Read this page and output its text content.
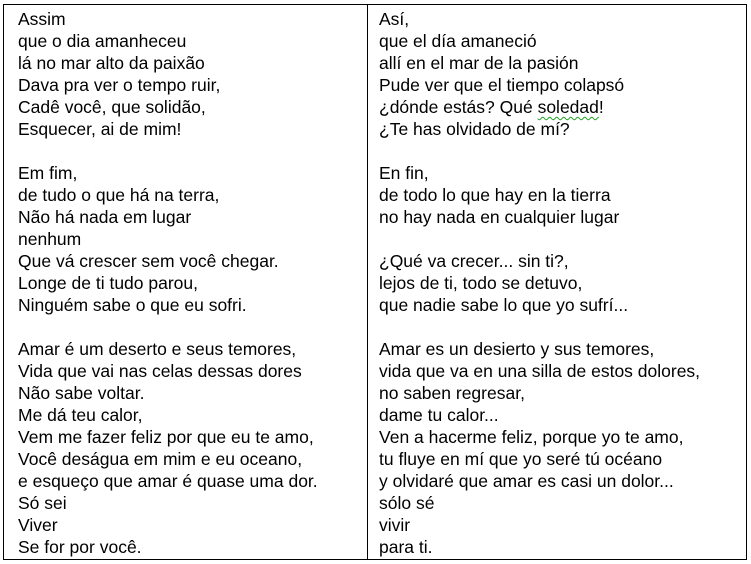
Assim
que o dia amanheceu
lá no mar alto da paixão
Dava pra ver o tempo ruir,
Cadê você, que solidão,
Esquecer, ai de mim!
Em fim,
de tudo o que há na terra,
Não há nada em lugar
nenhum
Que vá crescer sem você chegar.
Longe de ti tudo parou,
Ninguém sabe o que eu sofri.
Amar é um deserto e seus temores,
Vida que vai nas celas dessas dores
Não sabe voltar.
Me dá teu calor,
Vem me fazer feliz por que eu te amo,
Você deságua em mim e eu oceano,
e esqueço que amar é quase uma dor.
Só sei
Viver
Se for por você.
Así,
que el día amaneció
allí en el mar de la pasión
Pude ver que el tiempo colapsó
¿dónde estás? Qué soledad!
¿Te has olvidado de mí?
En fin,
de todo lo que hay en la tierra
no hay nada en cualquier lugar
¿Qué va crecer... sin ti?,
lejos de ti, todo se detuvo,
que nadie sabe lo que yo sufrí...
Amar es un desierto y sus temores,
vida que va en una silla de estos dolores,
no saben regresar,
dame tu calor...
Ven a hacerme feliz, porque yo te amo,
tu fluye en mí que yo seré tú océano
y olvidaré que amar es casi un dolor...
sólo sé
vivir
para ti.
